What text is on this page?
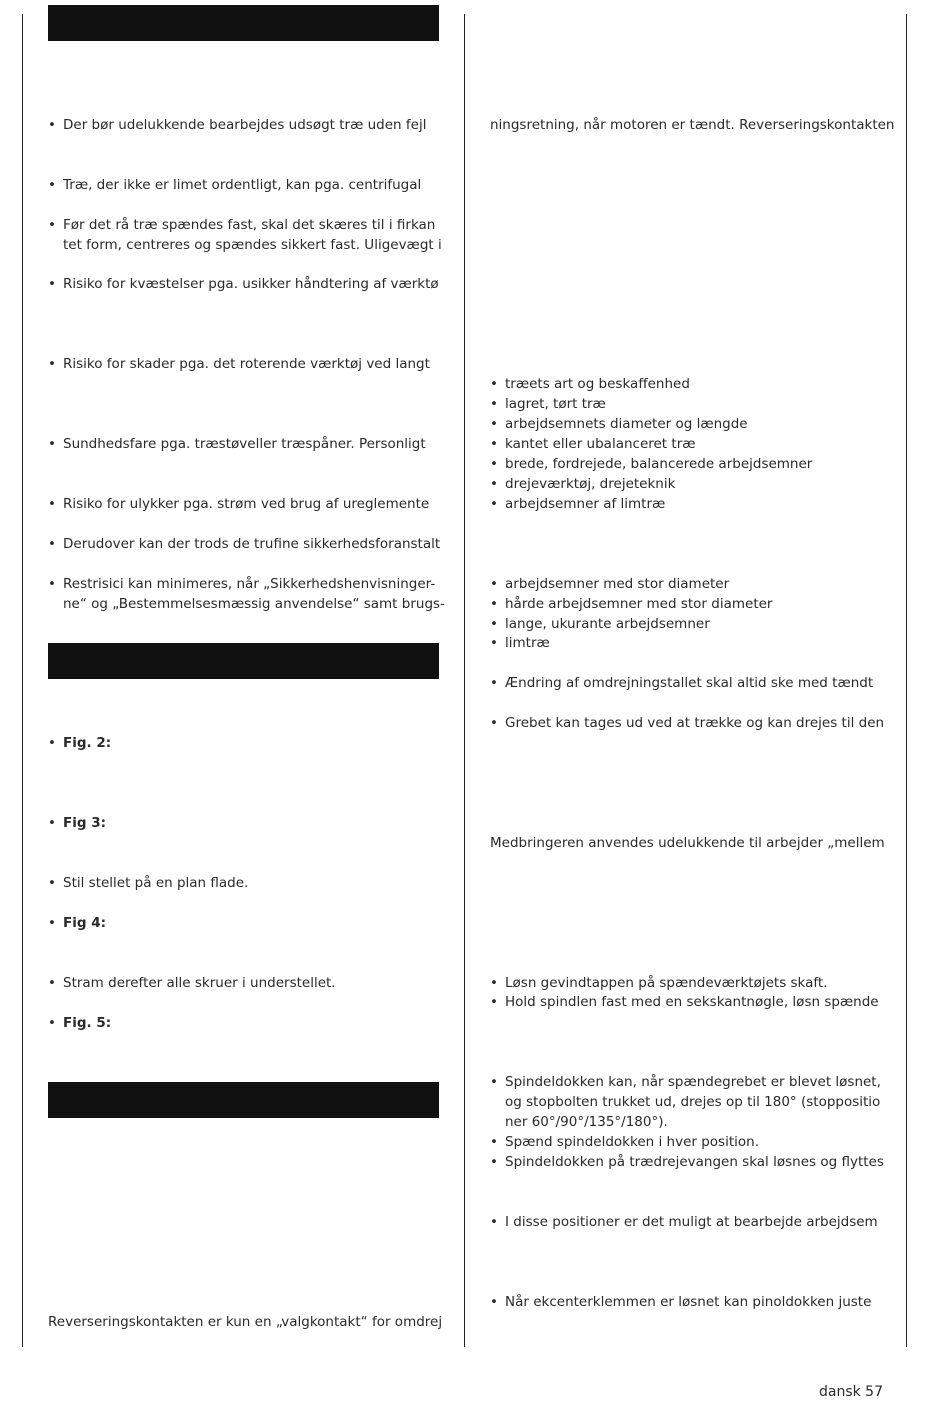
• Der bør udelukkende bearbejdes udsøgt træ uden fejl
• Træ, der ikke er limet ordentligt, kan pga. centrifugal
• Før det rå træ spændes fast, skal det skæres til i firkan
tet form, centreres og spændes sikkert fast. Uligevægt i
• Risiko for kvæstelser pga. usikker håndtering af værktø
• Risiko for skader pga. det roterende værktøj ved langt
• Sundhedsfare pga. træstøveller træspåner. Personligt
• Risiko for ulykker pga. strøm ved brug af ureglemente
• Derudover kan der trods de trufine sikkerhedsforanstalt
• Restrisici kan minimeres, når „Sikkerhedshenvisninger-
ne“ og „Bestemmelsesmæssig anvendelse“ samt brugs-
• Fig. 2:
• Fig 3:
• Stil stellet på en plan flade.
• Fig 4:
• Stram derefter alle skruer i understellet.
• Fig. 5:
Reverseringskontakten er kun en „valgkontakt“ for omdrej
ningsretning, når motoren er tændt. Reverseringskontakten
• træets art og beskaffenhed
• lagret, tørt træ
• arbejdsemnets diameter og længde
• kantet eller ubalanceret træ
• brede, fordrejede, balancerede arbejdsemner
• drejeværktøj, drejeteknik
• arbejdsemner af limtræ
• arbejdsemner med stor diameter
• hårde arbejdsemner med stor diameter
• lange, ukurante arbejdsemner
• limtræ
• Ændring af omdrejningstallet skal altid ske med tændt
• Grebet kan tages ud ved at trække og kan drejes til den
Medbringeren anvendes udelukkende til arbejder „mellem
• Løsn gevindtappen på spændeværktøjets skaft.
• Hold spindlen fast med en sekskantnøgle, løsn spænde
• Spindeldokken kan, når spændegrebet er blevet løsnet,
og stopbolten trukket ud, drejes op til 180° (stoppositio
ner 60°/90°/135°/180°).
• Spænd spindeldokken i hver position.
• Spindeldokken på trædrejevangen skal løsnes og flyttes
• I disse positioner er det muligt at bearbejde arbejdsem
• Når ekcenterklemmen er løsnet kan pinoldokken juste
dansk 57
